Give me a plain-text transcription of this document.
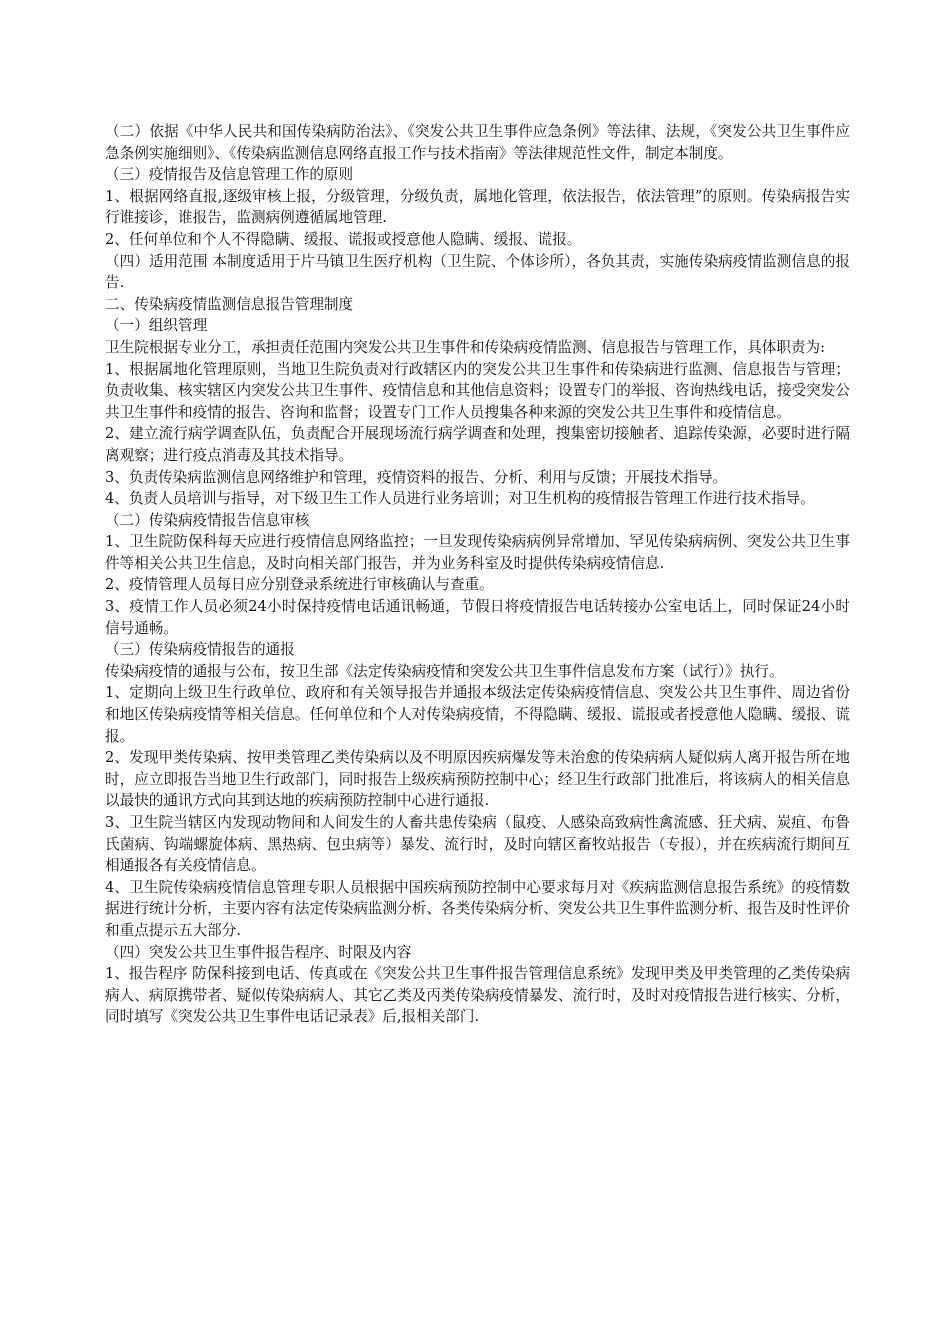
（二）依据《中华人民共和国传染病防治法》、《突发公共卫生事件应急条例》等法律、法规，《突发公共卫生事件应急条例实施细则》、《传染病监测信息网络直报工作与技术指南》等法律规范性文件，制定本制度。

（三）疫情报告及信息管理工作的原则

1、根据网络直报,逐级审核上报，分级管理，分级负责，属地化管理，依法报告，依法管理”的原则。传染病报告实行谁接诊，谁报告，监测病例遵循属地管理.

2、任何单位和个人不得隐瞒、缓报、谎报或授意他人隐瞒、缓报、谎报。

（四）适用范围 本制度适用于片马镇卫生医疗机构（卫生院、个体诊所），各负其责，实施传染病疫情监测信息的报告.

二、传染病疫情监测信息报告管理制度

（一）组织管理

卫生院根据专业分工，承担责任范围内突发公共卫生事件和传染病疫情监测、信息报告与管理工作，具体职责为:

1、根据属地化管理原则，当地卫生院负责对行政辖区内的突发公共卫生事件和传染病进行监测、信息报告与管理；负责收集、核实辖区内突发公共卫生事件、疫情信息和其他信息资料；设置专门的举报、咨询热线电话，接受突发公共卫生事件和疫情的报告、咨询和监督；设置专门工作人员搜集各种来源的突发公共卫生事件和疫情信息。

2、建立流行病学调查队伍，负责配合开展现场流行病学调查和处理，搜集密切接触者、追踪传染源，必要时进行隔离观察；进行疫点消毒及其技术指导。

3、负责传染病监测信息网络维护和管理，疫情资料的报告、分析、利用与反馈；开展技术指导。

4、负责人员培训与指导，对下级卫生工作人员进行业务培训；对卫生机构的疫情报告管理工作进行技术指导。

（二）传染病疫情报告信息审核

1、卫生院防保科每天应进行疫情信息网络监控；一旦发现传染病病例异常增加、罕见传染病病例、突发公共卫生事件等相关公共卫生信息，及时向相关部门报告，并为业务科室及时提供传染病疫情信息.

2、疫情管理人员每日应分别登录系统进行审核确认与查重。

3、疫情工作人员必须24小时保持疫情电话通讯畅通，节假日将疫情报告电话转接办公室电话上，同时保证24小时信号通畅。

（三）传染病疫情报告的通报

传染病疫情的通报与公布，按卫生部《法定传染病疫情和突发公共卫生事件信息发布方案（试行）》执行。

1、定期向上级卫生行政单位、政府和有关领导报告并通报本级法定传染病疫情信息、突发公共卫生事件、周边省份和地区传染病疫情等相关信息。任何单位和个人对传染病疫情，不得隐瞒、缓报、谎报或者授意他人隐瞒、缓报、谎报。

2、发现甲类传染病、按甲类管理乙类传染病以及不明原因疾病爆发等未治愈的传染病病人疑似病人离开报告所在地时，应立即报告当地卫生行政部门，同时报告上级疾病预防控制中心；经卫生行政部门批准后，将该病人的相关信息以最快的通讯方式向其到达地的疾病预防控制中心进行通报.

3、卫生院当辖区内发现动物间和人间发生的人畜共患传染病（鼠疫、人感染高致病性禽流感、狂犬病、炭疽、布鲁氏菌病、钩端螺旋体病、黑热病、包虫病等）暴发、流行时，及时向辖区畜牧站报告（专报），并在疾病流行期间互相通报各有关疫情信息。

4、卫生院传染病疫情信息管理专职人员根据中国疾病预防控制中心要求每月对《疾病监测信息报告系统》的疫情数据进行统计分析，主要内容有法定传染病监测分析、各类传染病分析、突发公共卫生事件监测分析、报告及时性评价和重点提示五大部分.

（四）突发公共卫生事件报告程序、时限及内容

1、报告程序 防保科接到电话、传真或在《突发公共卫生事件报告管理信息系统》发现甲类及甲类管理的乙类传染病病人、病原携带者、疑似传染病病人、其它乙类及丙类传染病疫情暴发、流行时，及时对疫情报告进行核实、分析，同时填写《突发公共卫生事件电话记录表》后,报相关部门.
